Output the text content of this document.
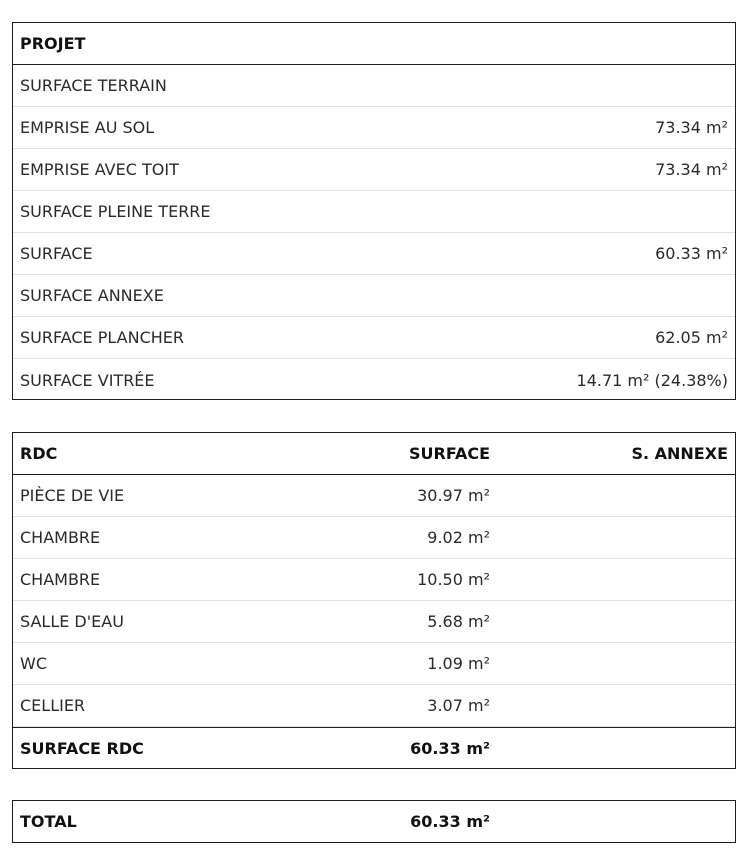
PROJET
SURFACE TERRAIN
EMPRISE AU SOL	73.34 m²
EMPRISE AVEC TOIT	73.34 m²
SURFACE PLEINE TERRE
SURFACE	60.33 m²
SURFACE ANNEXE
SURFACE PLANCHER	62.05 m²
SURFACE VITRÉE	14.71 m² (24.38%)
RDC	SURFACE	S. ANNEXE
PIÈCE DE VIE	30.97 m²
CHAMBRE	9.02 m²
CHAMBRE	10.50 m²
SALLE D'EAU	5.68 m²
WC	1.09 m²
CELLIER	3.07 m²
SURFACE RDC	60.33 m²
TOTAL	60.33 m²
